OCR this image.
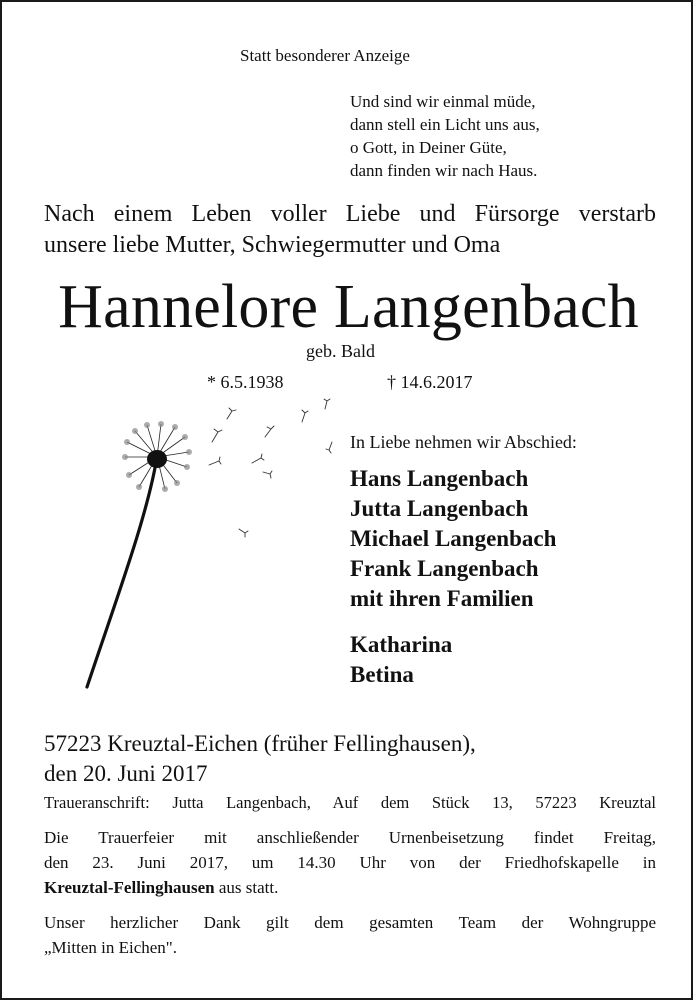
Statt besonderer Anzeige
Und sind wir einmal müde,
dann stell ein Licht uns aus,
o Gott, in Deiner Güte,
dann finden wir nach Haus.
Nach einem Leben voller Liebe und Fürsorge verstarb
unsere liebe Mutter, Schwiegermutter und Oma
Hannelore Langenbach
geb. Bald
* 6.5.1938	† 14.6.2017
In Liebe nehmen wir Abschied:
Hans Langenbach
Jutta Langenbach
Michael Langenbach
Frank Langenbach
mit ihren Familien
Katharina
Betina
57223 Kreuztal-Eichen (früher Fellinghausen),
den 20. Juni 2017
Traueranschrift: Jutta Langenbach, Auf dem Stück 13, 57223 Kreuztal
Die Trauerfeier mit anschließender Urnenbeisetzung findet Freitag,
den 23. Juni 2017, um 14.30 Uhr von der Friedhofskapelle in
Kreuztal-Fellinghausen aus statt.
Unser herzlicher Dank gilt dem gesamten Team der Wohngruppe
„Mitten in Eichen".
